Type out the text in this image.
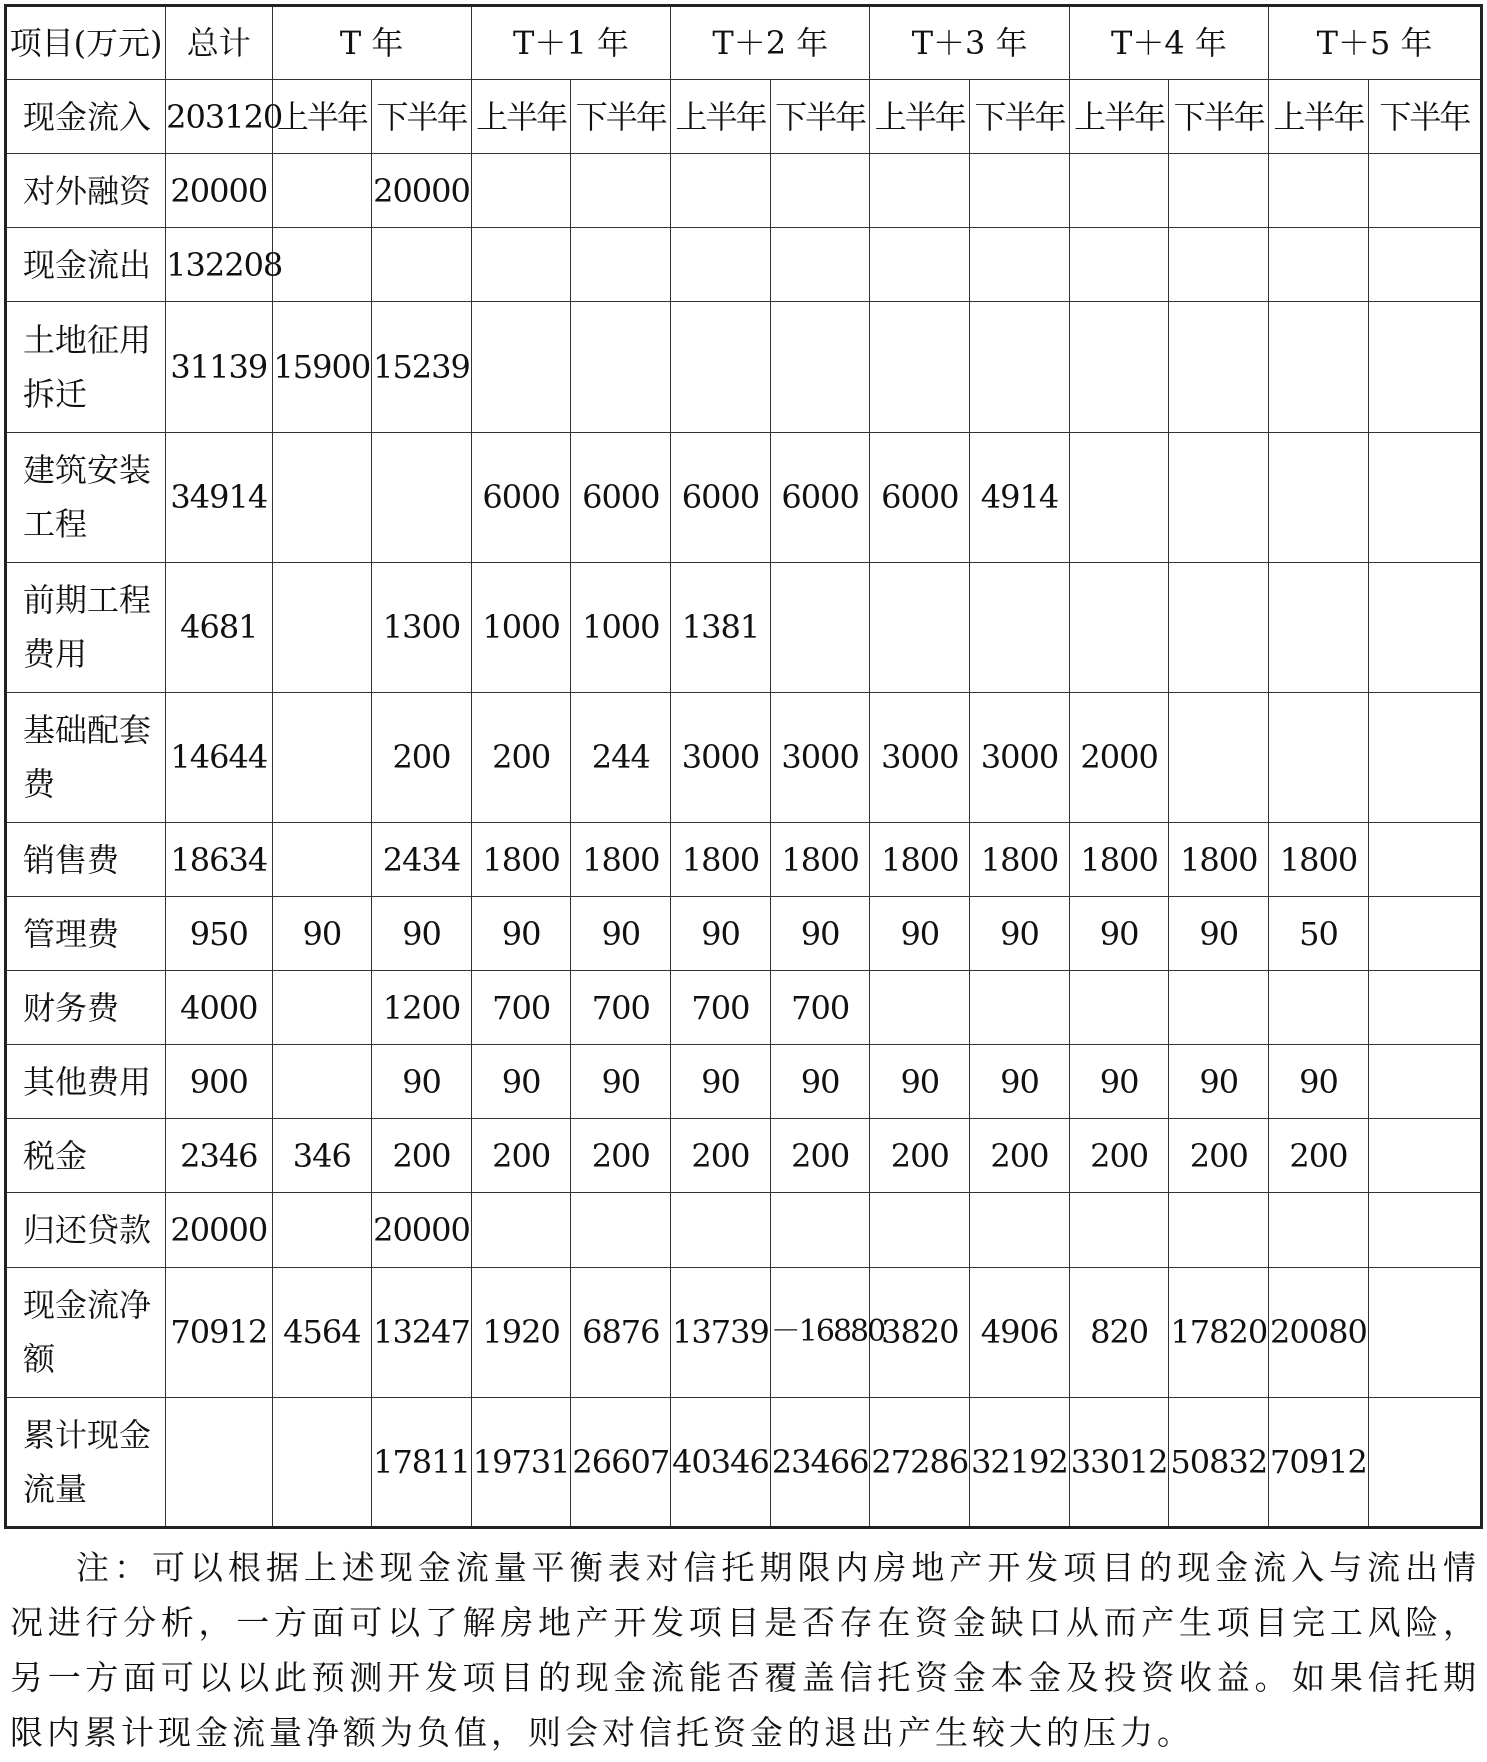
项目(万元)	总计	T 年		T＋1 年		T＋2 年		T＋3 年		T＋4 年		T＋5 年	
现金流入	203120	上半年	下半年	上半年	下半年	上半年	下半年	上半年	下半年	上半年	下半年	上半年	下半年
对外融资	20000		20000										
现金流出	132208												
土地征用拆迁	31139	15900	15239										
建筑安装工程	34914			6000	6000	6000	6000	6000	4914				
前期工程费用	4681		1300	1000	1000	1381							
基础配套费	14644		200	200	244	3000	3000	3000	3000	2000			
销售费	18634		2434	1800	1800	1800	1800	1800	1800	1800	1800	1800	
管理费	950	90	90	90	90	90	90	90	90	90	90	50	
财务费	4000		1200	700	700	700	700						
其他费用	900		90	90	90	90	90	90	90	90	90	90	
税金	2346	346	200	200	200	200	200	200	200	200	200	200	
归还贷款	20000		20000										
现金流净额	70912	4564	13247	1920	6876	13739	－16880	3820	4906	820	17820	20080	
累计现金流量			17811	19731	26607	40346	23466	27286	32192	33012	50832	70912	

注：可以根据上述现金流量平衡表对信托期限内房地产开发项目的现金流入与流出情况进行分析，一方面可以了解房地产开发项目是否存在资金缺口从而产生项目完工风险，另一方面可以以此预测开发项目的现金流能否覆盖信托资金本金及投资收益。如果信托期限内累计现金流量净额为负值，则会对信托资金的退出产生较大的压力。
